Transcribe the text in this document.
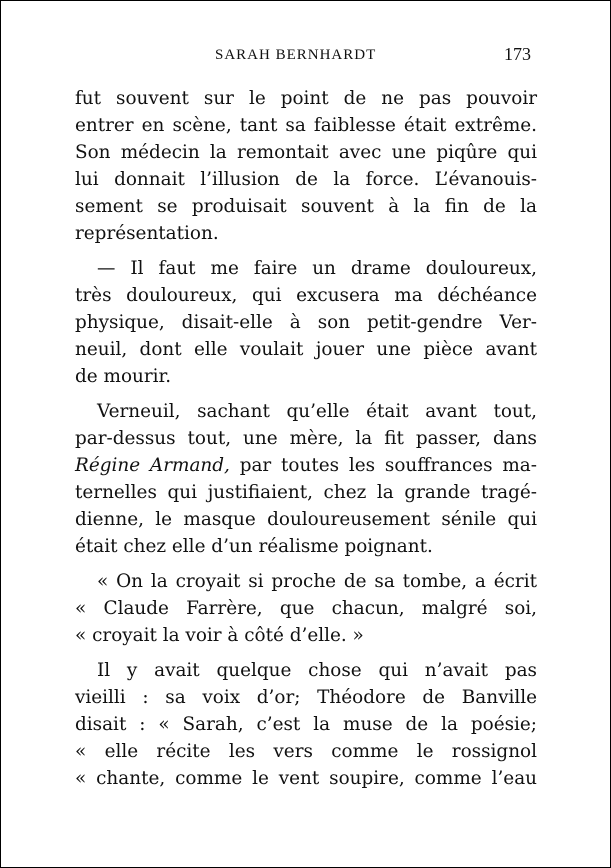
SARAH BERNHARDT	173
fut souvent sur le point de ne pas pouvoir
entrer en scène, tant sa faiblesse était extrême.
Son médecin la remontait avec une piqûre qui
lui donnait l’illusion de la force. L’évanouis-
sement se produisait souvent à la fin de la
représentation.
— Il faut me faire un drame douloureux,
très douloureux, qui excusera ma déchéance
physique, disait-elle à son petit-gendre Ver-
neuil, dont elle voulait jouer une pièce avant
de mourir.
Verneuil, sachant qu’elle était avant tout,
par-dessus tout, une mère, la fit passer, dans
Régine Armand, par toutes les souffrances ma-
ternelles qui justifiaient, chez la grande tragé-
dienne, le masque douloureusement sénile qui
était chez elle d’un réalisme poignant.
« On la croyait si proche de sa tombe, a écrit
« Claude Farrère, que chacun, malgré soi,
« croyait la voir à côté d’elle. »
Il y avait quelque chose qui n’avait pas
vieilli : sa voix d’or; Théodore de Banville
disait : « Sarah, c’est la muse de la poésie;
« elle récite les vers comme le rossignol
« chante, comme le vent soupire, comme l’eau
